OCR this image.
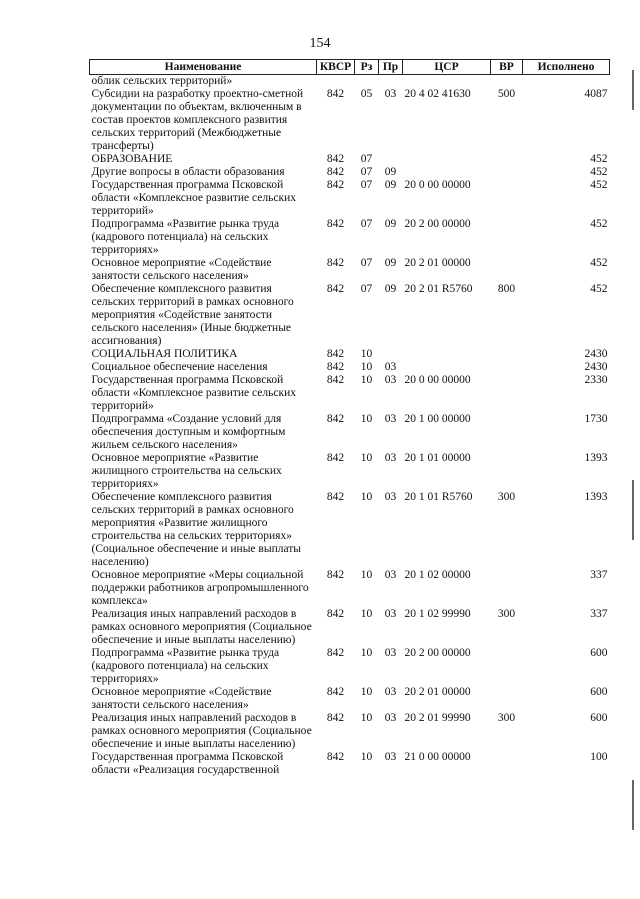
154
Наименование	КВСР	Рз	Пр	ЦСР	ВР	Исполнено
облик сельских территорий»						
Субсидии на разработку проектно-сметной документации по объектам, включенным в состав проектов комплексного развития сельских территорий (Межбюджетные трансферты)	842	05	03	20 4 02 41630	500	4087
ОБРАЗОВАНИЕ	842	07				452
Другие вопросы в области образования	842	07	09			452
Государственная программа Псковской области «Комплексное развитие сельских территорий»	842	07	09	20 0 00 00000		452
Подпрограмма «Развитие рынка труда (кадрового потенциала) на сельских территориях»	842	07	09	20 2 00 00000		452
Основное мероприятие «Содействие занятости сельского населения»	842	07	09	20 2 01 00000		452
Обеспечение комплексного развития сельских территорий в рамках основного мероприятия «Содействие занятости сельского населения» (Иные бюджетные ассигнования)	842	07	09	20 2 01 R5760	800	452
СОЦИАЛЬНАЯ ПОЛИТИКА	842	10				2430
Социальное обеспечение населения	842	10	03			2430
Государственная программа Псковской области «Комплексное развитие сельских территорий»	842	10	03	20 0 00 00000		2330
Подпрограмма «Создание условий для обеспечения доступным и комфортным жильем сельского населения»	842	10	03	20 1 00 00000		1730
Основное мероприятие «Развитие жилищного строительства на сельских территориях»	842	10	03	20 1 01 00000		1393
Обеспечение комплексного развития сельских территорий в рамках основного мероприятия «Развитие жилищного строительства на сельских территориях» (Социальное обеспечение и иные выплаты населению)	842	10	03	20 1 01 R5760	300	1393
Основное мероприятие «Меры социальной поддержки работников агропромышленного комплекса»	842	10	03	20 1 02 00000		337
Реализация иных направлений расходов в рамках основного мероприятия (Социальное обеспечение и иные выплаты населению)	842	10	03	20 1 02 99990	300	337
Подпрограмма «Развитие рынка труда (кадрового потенциала) на сельских территориях»	842	10	03	20 2 00 00000		600
Основное мероприятие «Содействие занятости сельского населения»	842	10	03	20 2 01 00000		600
Реализация иных направлений расходов в рамках основного мероприятия (Социальное обеспечение и иные выплаты населению)	842	10	03	20 2 01 99990	300	600
Государственная программа Псковской области «Реализация государственной	842	10	03	21 0 00 00000		100
